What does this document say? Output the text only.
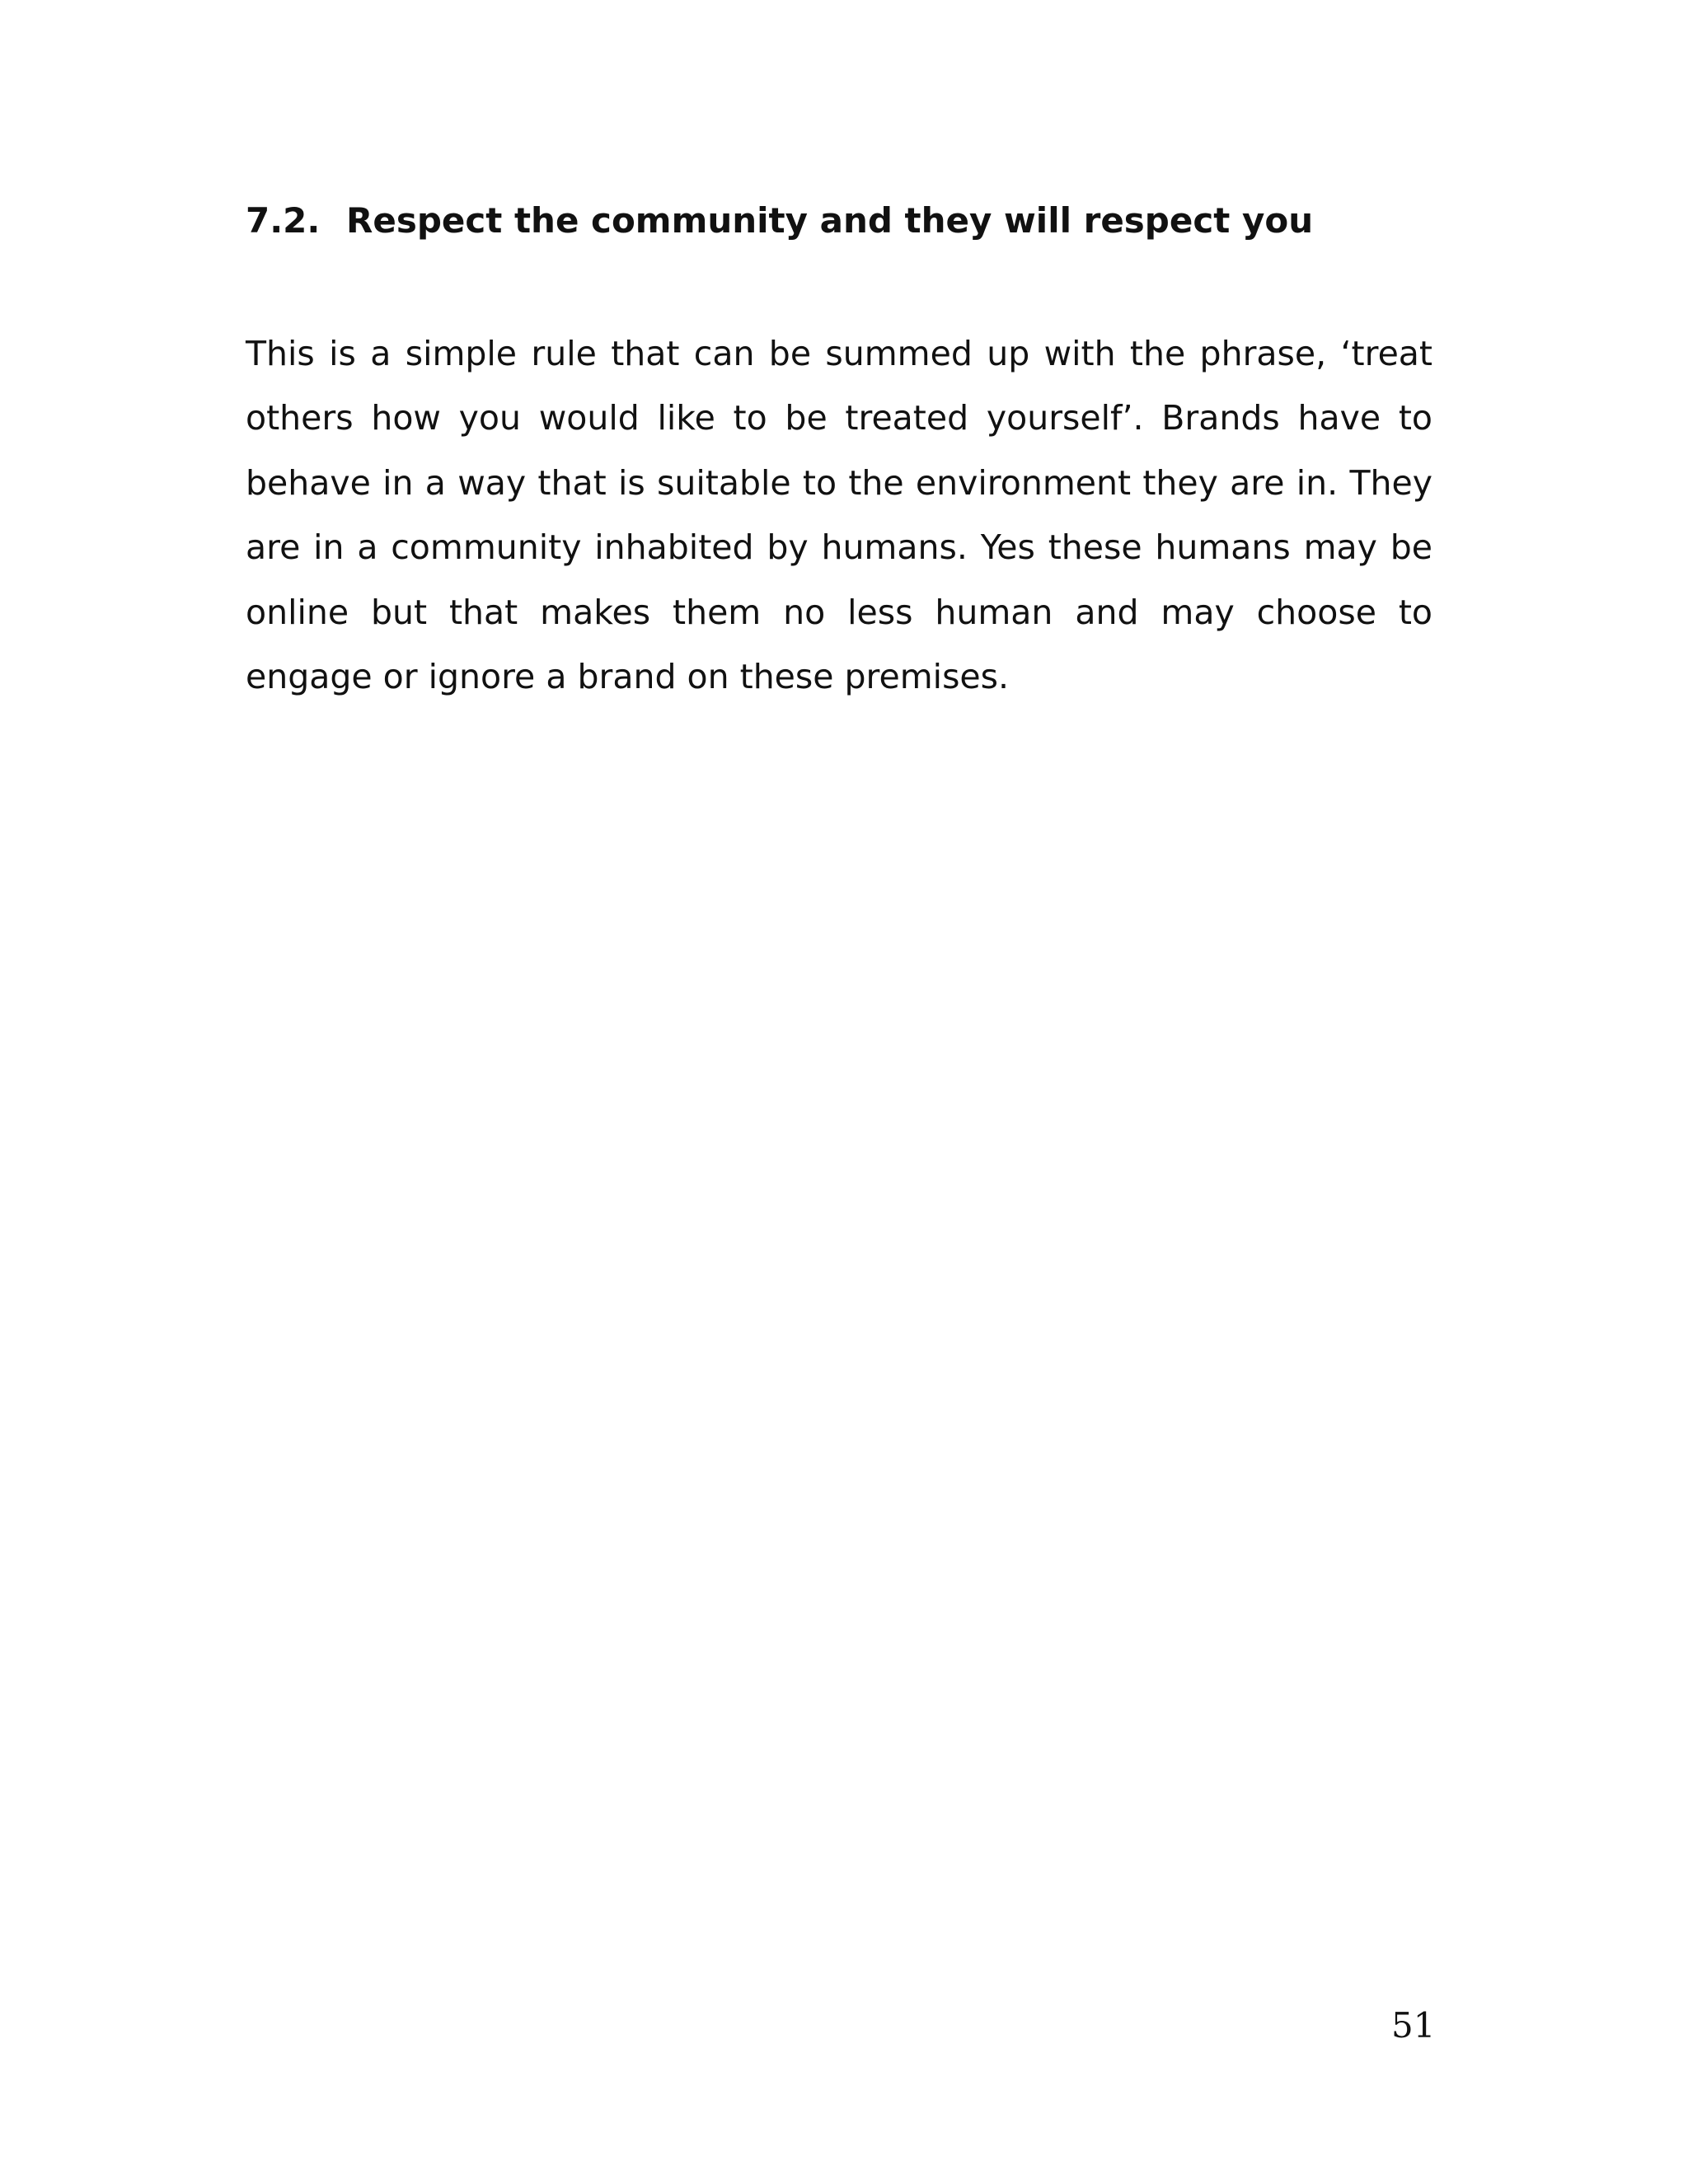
7.2. Respect the community and they will respect you

This is a simple rule that can be summed up with the phrase, ‘treat others how you would like to be treated yourself’. Brands have to behave in a way that is suitable to the environment they are in. They are in a community inhabited by humans. Yes these humans may be online but that makes them no less human and may choose to engage or ignore a brand on these premises.

51
